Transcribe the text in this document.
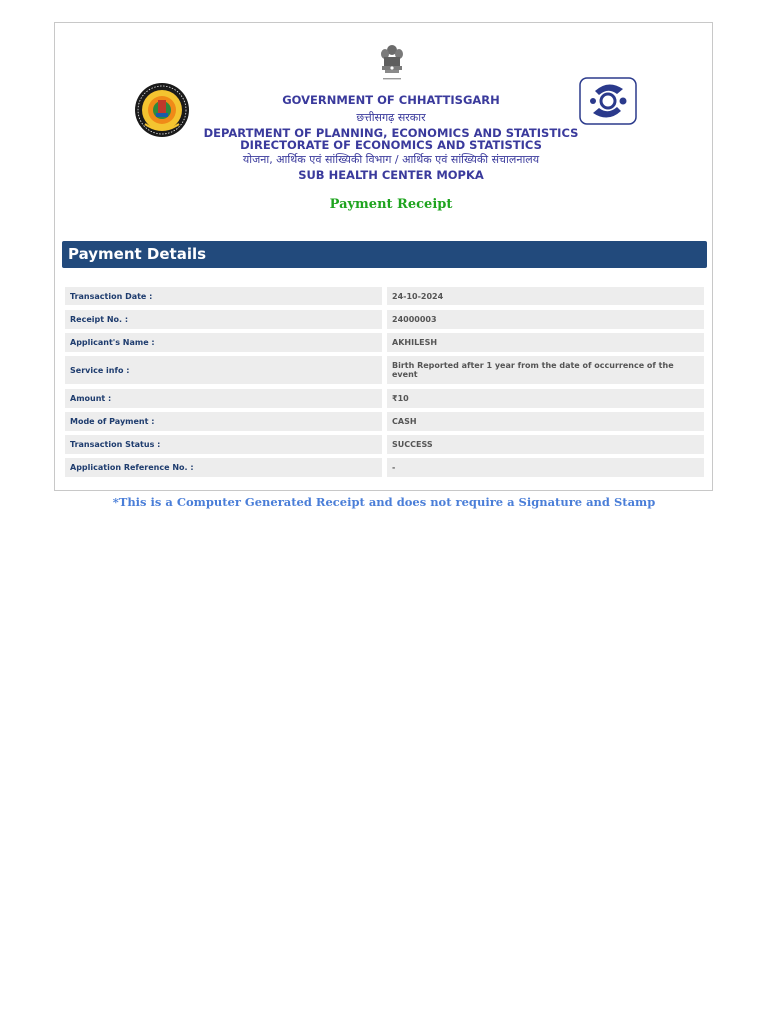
GOVERNMENT OF CHHATTISGARH
छत्तीसगढ़ सरकार
DEPARTMENT OF PLANNING, ECONOMICS AND STATISTICS
DIRECTORATE OF ECONOMICS AND STATISTICS
योजना, आर्थिक एवं सांख्यिकी विभाग / आर्थिक एवं सांख्यिकी संचालनालय
SUB HEALTH CENTER MOPKA
Payment Receipt
Payment Details
Transaction Date :	24-10-2024
Receipt No. :	24000003
Applicant's Name :	AKHILESH
Service info :	Birth Reported after 1 year from the date of occurrence of the event
Amount :	₹10
Mode of Payment :	CASH
Transaction Status :	SUCCESS
Application Reference No. :	-
*This is a Computer Generated Receipt and does not require a Signature and Stamp
